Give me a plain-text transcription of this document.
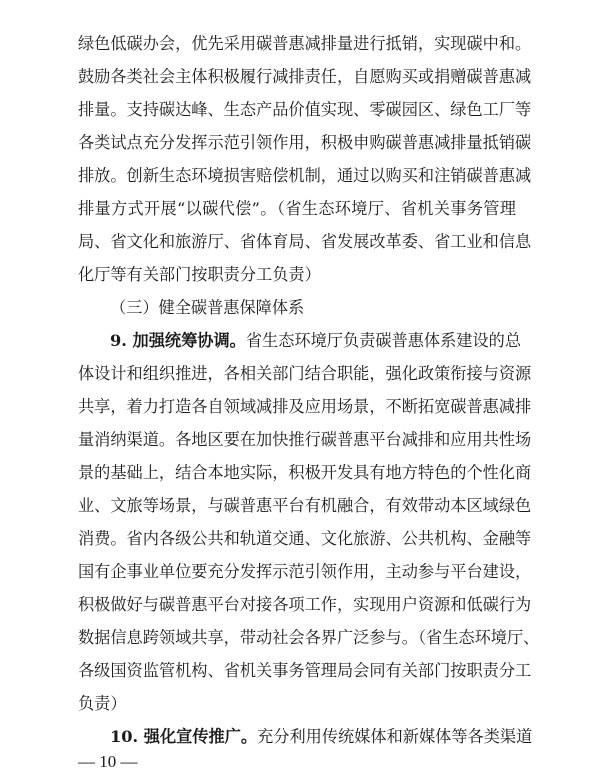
绿色低碳办会，优先采用碳普惠减排量进行抵销，实现碳中和。
鼓励各类社会主体积极履行减排责任，自愿购买或捐赠碳普惠减
排量。支持碳达峰、生态产品价值实现、零碳园区、绿色工厂等
各类试点充分发挥示范引领作用，积极申购碳普惠减排量抵销碳
排放。创新生态环境损害赔偿机制，通过以购买和注销碳普惠减
排量方式开展“以碳代偿”。（省生态环境厅、省机关事务管理
局、省文化和旅游厅、省体育局、省发展改革委、省工业和信息
化厅等有关部门按职责分工负责）
（三）健全碳普惠保障体系
9. 加强统筹协调。省生态环境厅负责碳普惠体系建设的总
体设计和组织推进，各相关部门结合职能，强化政策衔接与资源
共享，着力打造各自领域减排及应用场景，不断拓宽碳普惠减排
量消纳渠道。各地区要在加快推行碳普惠平台减排和应用共性场
景的基础上，结合本地实际，积极开发具有地方特色的个性化商
业、文旅等场景，与碳普惠平台有机融合，有效带动本区域绿色
消费。省内各级公共和轨道交通、文化旅游、公共机构、金融等
国有企事业单位要充分发挥示范引领作用，主动参与平台建设，
积极做好与碳普惠平台对接各项工作，实现用户资源和低碳行为
数据信息跨领域共享，带动社会各界广泛参与。（省生态环境厅、
各级国资监管机构、省机关事务管理局会同有关部门按职责分工
负责）
10. 强化宣传推广。充分利用传统媒体和新媒体等各类渠道
— 10 —
